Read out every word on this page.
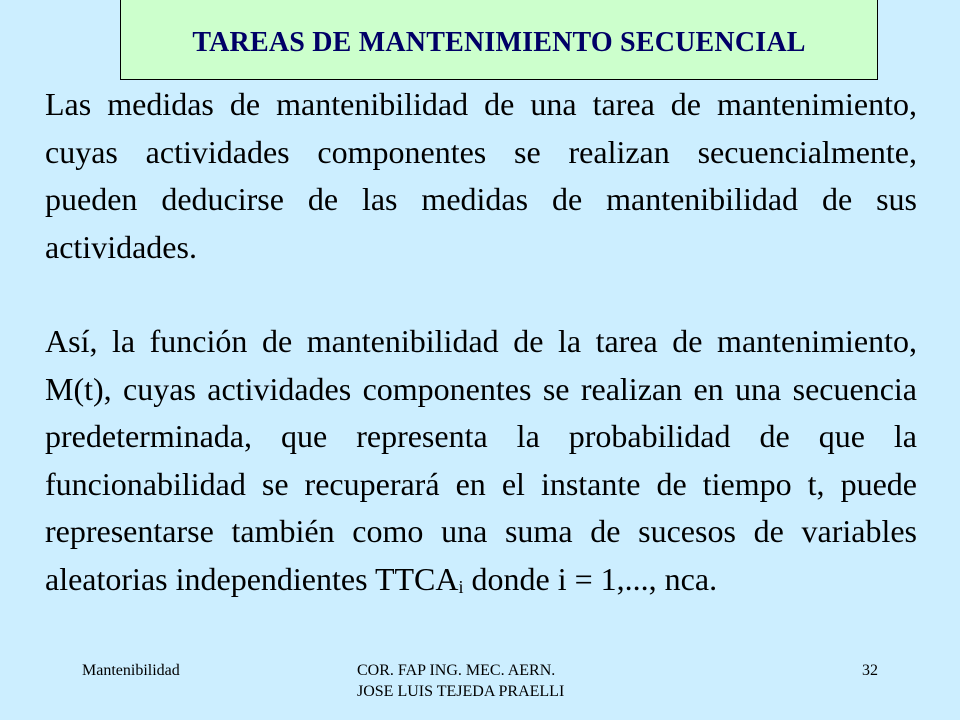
TAREAS DE MANTENIMIENTO SECUENCIAL

Las medidas de mantenibilidad de una tarea de mantenimiento, cuyas actividades componentes se realizan secuencialmente, pueden deducirse de las medidas de mantenibilidad de sus actividades.

Así, la función de mantenibilidad de la tarea de mantenimiento, M(t), cuyas actividades componentes se realizan en una secuencia predeterminada, que representa la probabilidad de que la funcionabilidad se recuperará en el instante de tiempo t, puede representarse también como una suma de sucesos de variables aleatorias independientes $TTCA_i$ donde i = 1,..., nca.

Mantenibilidad	COR. FAP ING. MEC. AERN.
JOSE LUIS TEJEDA PRAELLI
32
